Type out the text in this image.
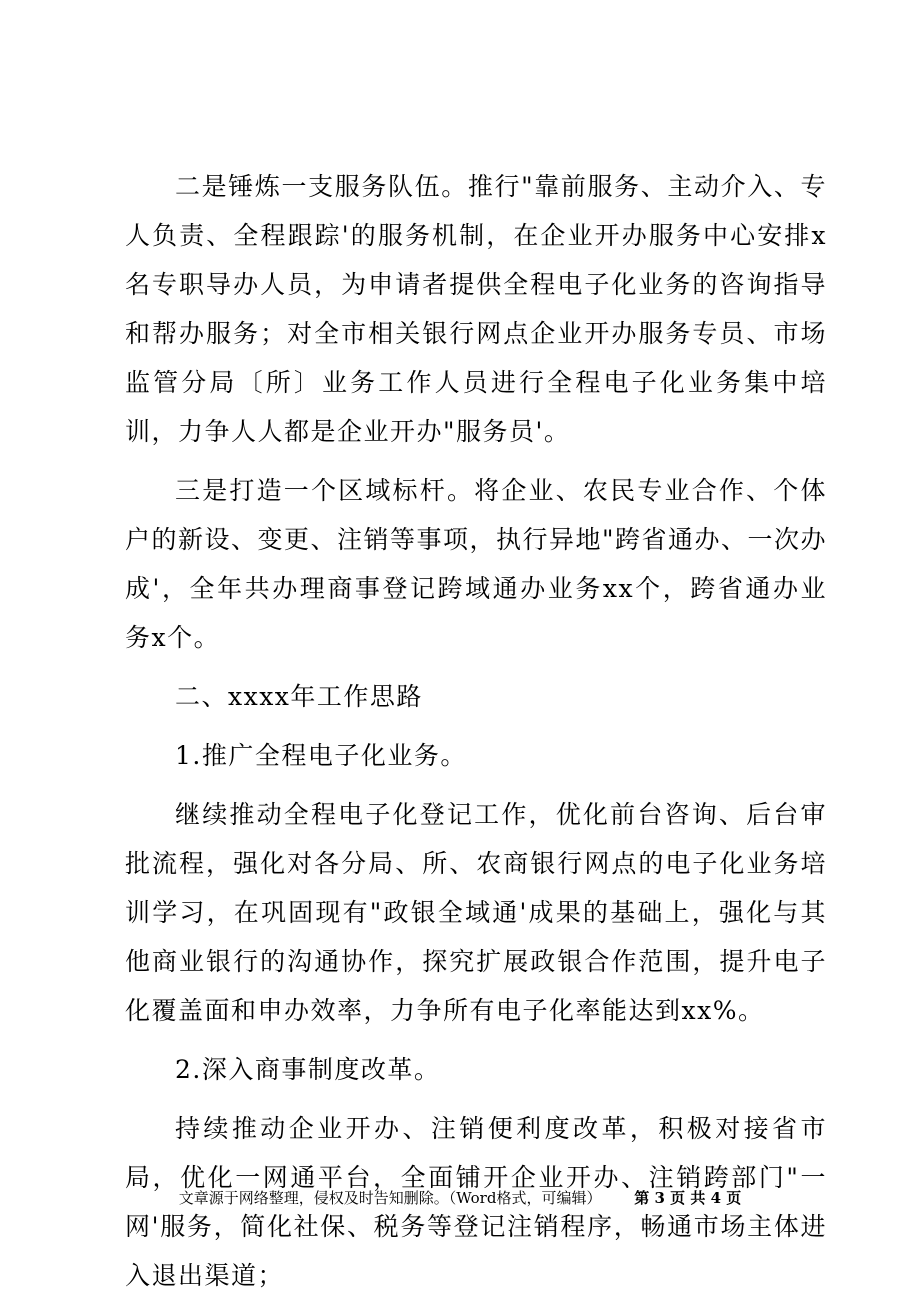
二是锤炼一支服务队伍。推行"靠前服务、主动介入、专人负责、全程跟踪'的服务机制，在企业开办服务中心安排x名专职导办人员，为申请者提供全程电子化业务的咨询指导和帮办服务；对全市相关银行网点企业开办服务专员、市场监管分局〔所〕业务工作人员进行全程电子化业务集中培训，力争人人都是企业开办"服务员'。

三是打造一个区域标杆。将企业、农民专业合作、个体户的新设、变更、注销等事项，执行异地"跨省通办、一次办成'，全年共办理商事登记跨域通办业务xx个，跨省通办业务x个。

二、xxxx年工作思路

1.推广全程电子化业务。

继续推动全程电子化登记工作，优化前台咨询、后台审批流程，强化对各分局、所、农商银行网点的电子化业务培训学习，在巩固现有"政银全域通'成果的基础上，强化与其他商业银行的沟通协作，探究扩展政银合作范围，提升电子化覆盖面和申办效率，力争所有电子化率能达到xx%。

2.深入商事制度改革。

持续推动企业开办、注销便利度改革，积极对接省市局，优化一网通平台，全面铺开企业开办、注销跨部门"一网'服务，简化社保、税务等登记注销程序，畅通市场主体进入退出渠道；

文章源于网络整理，侵权及时告知删除。（Word格式，可编辑） 第 3 页 共 4 页
